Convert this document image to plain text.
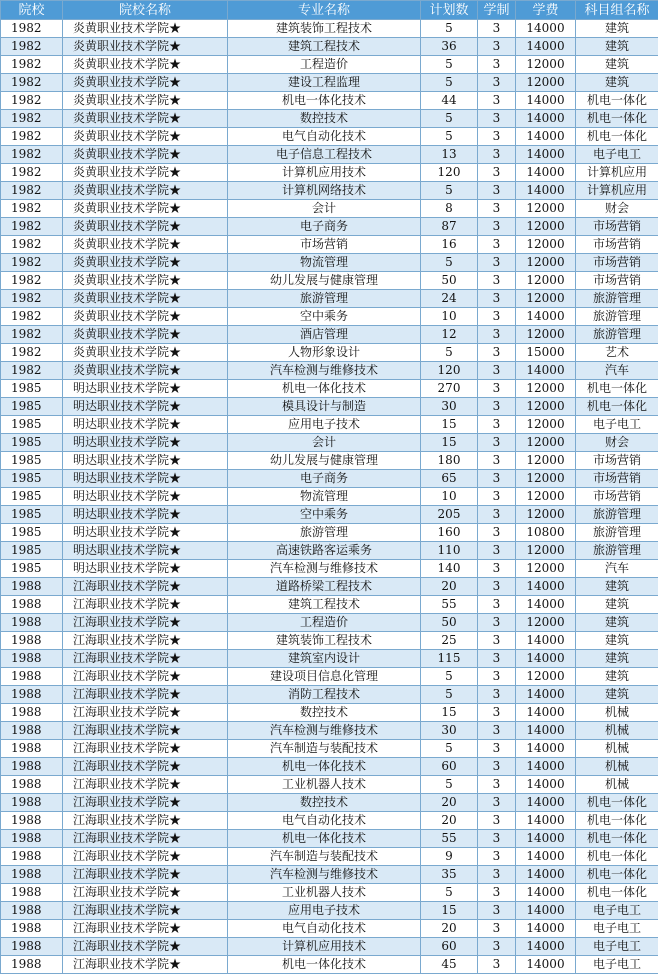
院校	院校名称	专业名称	计划数	学制	学费	科目组名称
1982	炎黄职业技术学院★	建筑装饰工程技术	5	3	14000	建筑
1982	炎黄职业技术学院★	建筑工程技术	36	3	14000	建筑
1982	炎黄职业技术学院★	工程造价	5	3	12000	建筑
1982	炎黄职业技术学院★	建设工程监理	5	3	12000	建筑
1982	炎黄职业技术学院★	机电一体化技术	44	3	14000	机电一体化
1982	炎黄职业技术学院★	数控技术	5	3	14000	机电一体化
1982	炎黄职业技术学院★	电气自动化技术	5	3	14000	机电一体化
1982	炎黄职业技术学院★	电子信息工程技术	13	3	14000	电子电工
1982	炎黄职业技术学院★	计算机应用技术	120	3	14000	计算机应用
1982	炎黄职业技术学院★	计算机网络技术	5	3	14000	计算机应用
1982	炎黄职业技术学院★	会计	8	3	12000	财会
1982	炎黄职业技术学院★	电子商务	87	3	12000	市场营销
1982	炎黄职业技术学院★	市场营销	16	3	12000	市场营销
1982	炎黄职业技术学院★	物流管理	5	3	12000	市场营销
1982	炎黄职业技术学院★	幼儿发展与健康管理	50	3	12000	市场营销
1982	炎黄职业技术学院★	旅游管理	24	3	12000	旅游管理
1982	炎黄职业技术学院★	空中乘务	10	3	14000	旅游管理
1982	炎黄职业技术学院★	酒店管理	12	3	12000	旅游管理
1982	炎黄职业技术学院★	人物形象设计	5	3	15000	艺术
1982	炎黄职业技术学院★	汽车检测与维修技术	120	3	14000	汽车
1985	明达职业技术学院★	机电一体化技术	270	3	12000	机电一体化
1985	明达职业技术学院★	模具设计与制造	30	3	12000	机电一体化
1985	明达职业技术学院★	应用电子技术	15	3	12000	电子电工
1985	明达职业技术学院★	会计	15	3	12000	财会
1985	明达职业技术学院★	幼儿发展与健康管理	180	3	12000	市场营销
1985	明达职业技术学院★	电子商务	65	3	12000	市场营销
1985	明达职业技术学院★	物流管理	10	3	12000	市场营销
1985	明达职业技术学院★	空中乘务	205	3	12000	旅游管理
1985	明达职业技术学院★	旅游管理	160	3	10800	旅游管理
1985	明达职业技术学院★	高速铁路客运乘务	110	3	12000	旅游管理
1985	明达职业技术学院★	汽车检测与维修技术	140	3	12000	汽车
1988	江海职业技术学院★	道路桥梁工程技术	20	3	14000	建筑
1988	江海职业技术学院★	建筑工程技术	55	3	14000	建筑
1988	江海职业技术学院★	工程造价	50	3	12000	建筑
1988	江海职业技术学院★	建筑装饰工程技术	25	3	14000	建筑
1988	江海职业技术学院★	建筑室内设计	115	3	14000	建筑
1988	江海职业技术学院★	建设项目信息化管理	5	3	12000	建筑
1988	江海职业技术学院★	消防工程技术	5	3	14000	建筑
1988	江海职业技术学院★	数控技术	15	3	14000	机械
1988	江海职业技术学院★	汽车检测与维修技术	30	3	14000	机械
1988	江海职业技术学院★	汽车制造与装配技术	5	3	14000	机械
1988	江海职业技术学院★	机电一体化技术	60	3	14000	机械
1988	江海职业技术学院★	工业机器人技术	5	3	14000	机械
1988	江海职业技术学院★	数控技术	20	3	14000	机电一体化
1988	江海职业技术学院★	电气自动化技术	20	3	14000	机电一体化
1988	江海职业技术学院★	机电一体化技术	55	3	14000	机电一体化
1988	江海职业技术学院★	汽车制造与装配技术	9	3	14000	机电一体化
1988	江海职业技术学院★	汽车检测与维修技术	35	3	14000	机电一体化
1988	江海职业技术学院★	工业机器人技术	5	3	14000	机电一体化
1988	江海职业技术学院★	应用电子技术	15	3	14000	电子电工
1988	江海职业技术学院★	电气自动化技术	20	3	14000	电子电工
1988	江海职业技术学院★	计算机应用技术	60	3	14000	电子电工
1988	江海职业技术学院★	机电一体化技术	45	3	14000	电子电工
